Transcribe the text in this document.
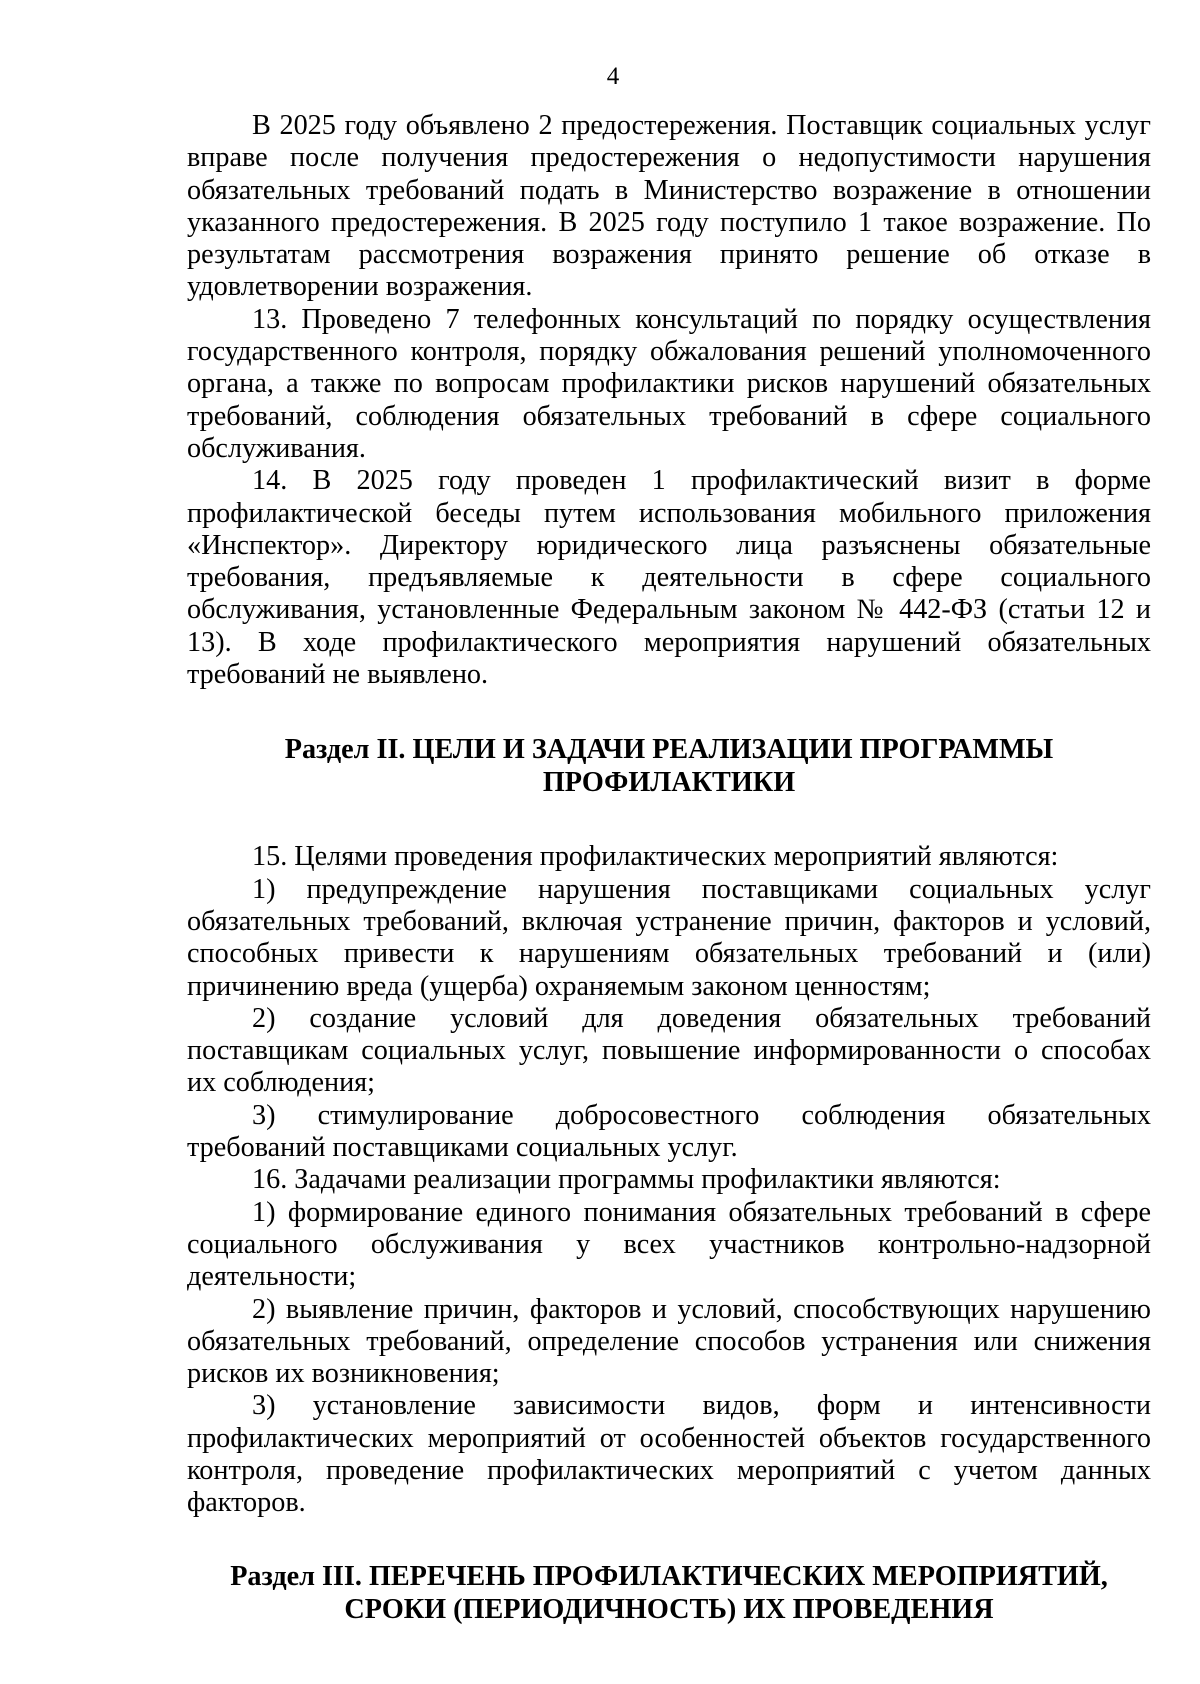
4

В 2025 году объявлено 2 предостережения. Поставщик социальных услуг вправе после получения предостережения о недопустимости нарушения обязательных требований подать в Министерство возражение в отношении указанного предостережения. В 2025 году поступило 1 такое возражение. По результатам рассмотрения возражения принято решение об отказе в удовлетворении возражения.

13. Проведено 7 телефонных консультаций по порядку осуществления государственного контроля, порядку обжалования решений уполномоченного органа, а также по вопросам профилактики рисков нарушений обязательных требований, соблюдения обязательных требований в сфере социального обслуживания.

14. В 2025 году проведен 1 профилактический визит в форме профилактической беседы путем использования мобильного приложения «Инспектор». Директору юридического лица разъяснены обязательные требования, предъявляемые к деятельности в сфере социального обслуживания, установленные Федеральным законом № 442-ФЗ (статьи 12 и 13). В ходе профилактического мероприятия нарушений обязательных требований не выявлено.

Раздел II. ЦЕЛИ И ЗАДАЧИ РЕАЛИЗАЦИИ ПРОГРАММЫ
ПРОФИЛАКТИКИ

15. Целями проведения профилактических мероприятий являются:

1) предупреждение нарушения поставщиками социальных услуг обязательных требований, включая устранение причин, факторов и условий, способных привести к нарушениям обязательных требований и (или) причинению вреда (ущерба) охраняемым законом ценностям;

2) создание условий для доведения обязательных требований поставщикам социальных услуг, повышение информированности о способах их соблюдения;

3) стимулирование добросовестного соблюдения обязательных требований поставщиками социальных услуг.

16. Задачами реализации программы профилактики являются:

1) формирование единого понимания обязательных требований в сфере социального обслуживания у всех участников контрольно-надзорной деятельности;

2) выявление причин, факторов и условий, способствующих нарушению обязательных требований, определение способов устранения или снижения рисков их возникновения;

3) установление зависимости видов, форм и интенсивности профилактических мероприятий от особенностей объектов государственного контроля, проведение профилактических мероприятий с учетом данных факторов.

Раздел III. ПЕРЕЧЕНЬ ПРОФИЛАКТИЧЕСКИХ МЕРОПРИЯТИЙ,
СРОКИ (ПЕРИОДИЧНОСТЬ) ИХ ПРОВЕДЕНИЯ
